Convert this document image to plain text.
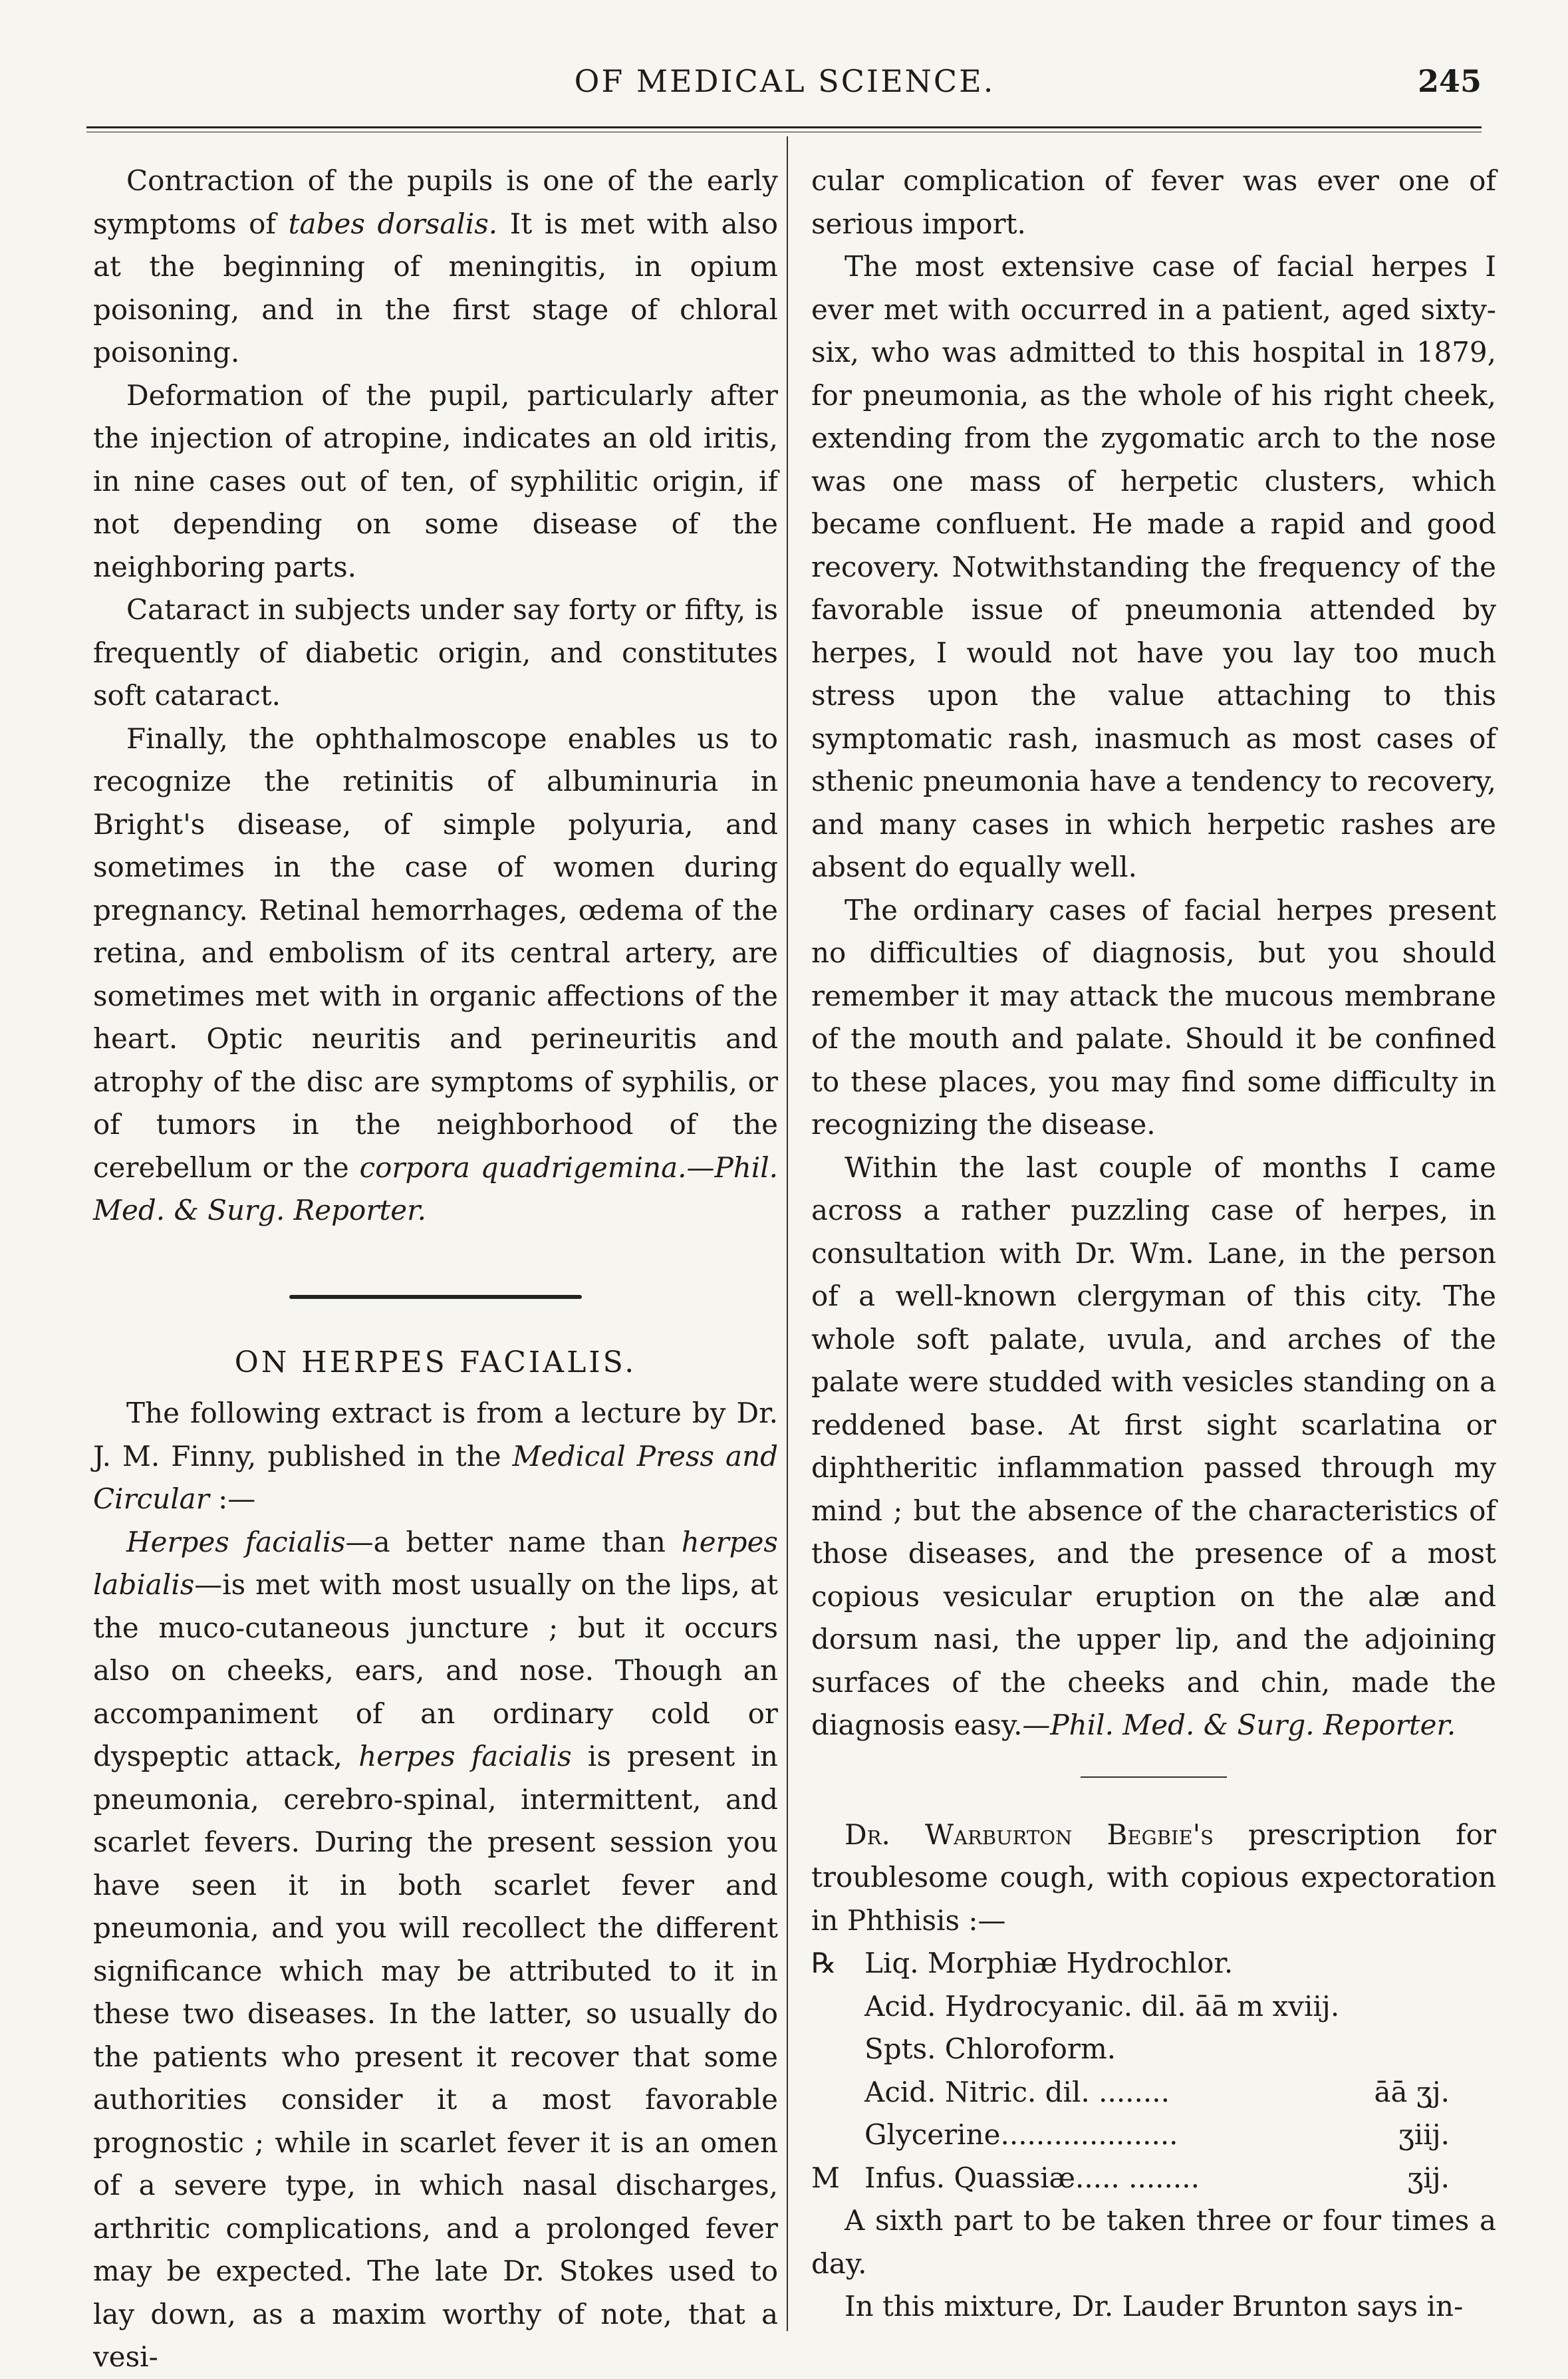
OF MEDICAL SCIENCE.	245

Contraction of the pupils is one of the early symptoms of tabes dorsalis. It is met with also at the beginning of meningitis, in opium poisoning, and in the first stage of chloral poisoning.

Deformation of the pupil, particularly after the injection of atropine, indicates an old iritis, in nine cases out of ten, of syphilitic origin, if not depending on some disease of the neighboring parts.

Cataract in subjects under say forty or fifty, is frequently of diabetic origin, and constitutes soft cataract.

Finally, the ophthalmoscope enables us to recognize the retinitis of albuminuria in Bright's disease, of simple polyuria, and sometimes in the case of women during pregnancy. Retinal hemorrhages, œdema of the retina, and embolism of its central artery, are sometimes met with in organic affections of the heart. Optic neuritis and perineuritis and atrophy of the disc are symptoms of syphilis, or of tumors in the neighborhood of the cerebellum or the corpora quadrigemina.—Phil. Med. & Surg. Reporter.

ON HERPES FACIALIS.

The following extract is from a lecture by Dr. J. M. Finny, published in the Medical Press and Circular :—

Herpes facialis—a better name than herpes labialis—is met with most usually on the lips, at the muco-cutaneous juncture ; but it occurs also on cheeks, ears, and nose. Though an accompaniment of an ordinary cold or dyspeptic attack, herpes facialis is present in pneumonia, cerebro-spinal, intermittent, and scarlet fevers. During the present session you have seen it in both scarlet fever and pneumonia, and you will recollect the different significance which may be attributed to it in these two diseases. In the latter, so usually do the patients who present it recover that some authorities consider it a most favorable prognostic ; while in scarlet fever it is an omen of a severe type, in which nasal discharges, arthritic complications, and a prolonged fever may be expected. The late Dr. Stokes used to lay down, as a maxim worthy of note, that a vesi-

cular complication of fever was ever one of serious import.

The most extensive case of facial herpes I ever met with occurred in a patient, aged sixty-six, who was admitted to this hospital in 1879, for pneumonia, as the whole of his right cheek, extending from the zygomatic arch to the nose was one mass of herpetic clusters, which became confluent. He made a rapid and good recovery. Notwithstanding the frequency of the favorable issue of pneumonia attended by herpes, I would not have you lay too much stress upon the value attaching to this symptomatic rash, inasmuch as most cases of sthenic pneumonia have a tendency to recovery, and many cases in which herpetic rashes are absent do equally well.

The ordinary cases of facial herpes present no difficulties of diagnosis, but you should remember it may attack the mucous membrane of the mouth and palate. Should it be confined to these places, you may find some difficulty in recognizing the disease.

Within the last couple of months I came across a rather puzzling case of herpes, in consultation with Dr. Wm. Lane, in the person of a well-known clergyman of this city. The whole soft palate, uvula, and arches of the palate were studded with vesicles standing on a reddened base. At first sight scarlatina or diphtheritic inflammation passed through my mind ; but the absence of the characteristics of those diseases, and the presence of a most copious vesicular eruption on the alæ and dorsum nasi, the upper lip, and the adjoining surfaces of the cheeks and chin, made the diagnosis easy.—Phil. Med. & Surg. Reporter.

Dr. Warburton Begbie's prescription for troublesome cough, with copious expectoration in Phthisis :—

℞	Liq. Morphiæ Hydrochlor.
Acid. Hydrocyanic. dil. āā m xviij.
Spts. Chloroform.
Acid. Nitric. dil. ........	āā ʒj.
Glycerine....................	ʒiij.
M Infus. Quassiæ..... ........	ʒij.

A sixth part to be taken three or four times a day.

In this mixture, Dr. Lauder Brunton says in-
